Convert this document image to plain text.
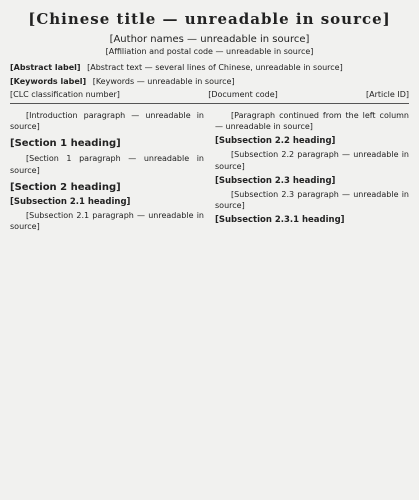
[Chinese title — unreadable in source]
[Author names — unreadable in source]
[Affiliation and postal code — unreadable in source]
[Abstract label] [Abstract text — several lines of Chinese, unreadable in source]
[Keywords label] [Keywords — unreadable in source]
[CLC classification number]	[Document code]	[Article ID]

[Introduction paragraph — unreadable in source]

[Section 1 heading]

[Section 1 paragraph — unreadable in source]

[Section 2 heading]
[Subsection 2.1 heading]

[Subsection 2.1 paragraph — unreadable in source]

[Paragraph continued from the left column — unreadable in source]

[Subsection 2.2 heading]

[Subsection 2.2 paragraph — unreadable in source]

[Subsection 2.3 heading]

[Subsection 2.3 paragraph — unreadable in source]

[Subsection 2.3.1 heading]
